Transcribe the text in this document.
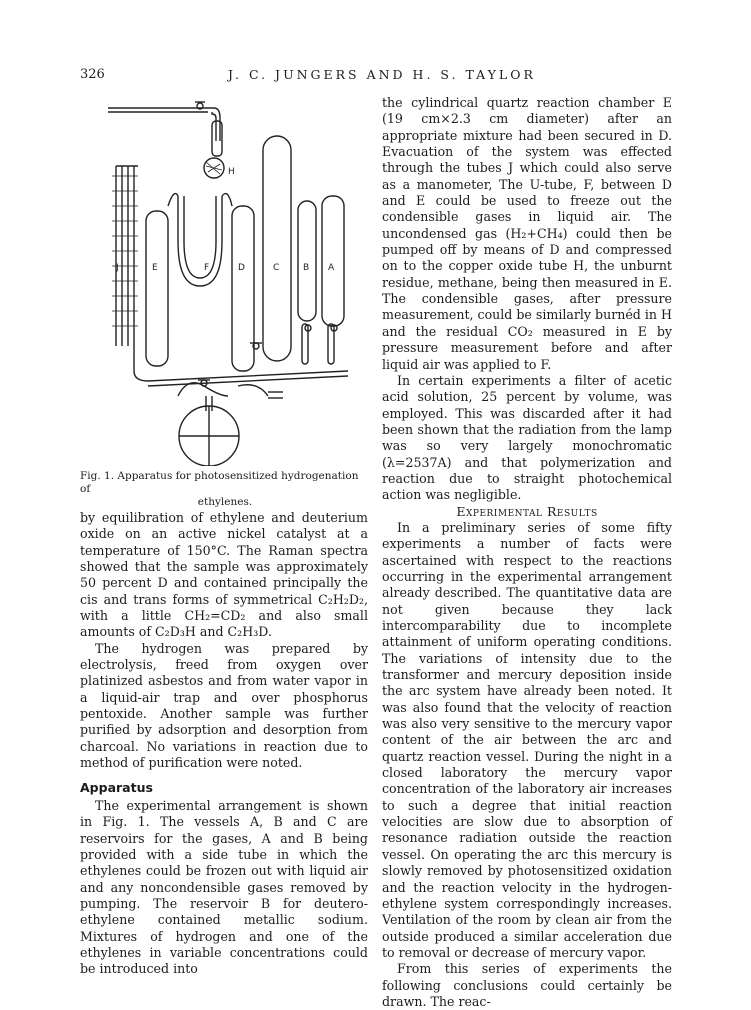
326	J. C. JUNGERS AND H. S. TAYLOR
J	E	F	D	C	B A
H
Fig. 1. Apparatus for photosensitized hydrogenation of
ethylenes.

by equilibration of ethylene and deuterium oxide on an active nickel catalyst at a temperature of 150°C. The Raman spectra showed that the sample was approximately 50 percent D and contained principally the cis and trans forms of symmetrical C₂H₂D₂, with a little CH₂=CD₂ and also small amounts of C₂D₃H and C₂H₃D.

The hydrogen was prepared by electrolysis, freed from oxygen over platinized asbestos and from water vapor in a liquid-air trap and over phosphorus pentoxide. Another sample was further purified by adsorption and desorption from charcoal. No variations in reaction due to method of purification were noted.

Apparatus

The experimental arrangement is shown in Fig. 1. The vessels A, B and C are reservoirs for the gases, A and B being provided with a side tube in which the ethylenes could be frozen out with liquid air and any noncondensible gases removed by pumping. The reservoir B for deutero-ethylene contained metallic sodium. Mixtures of hydrogen and one of the ethylenes in variable concentrations could be introduced into

the cylindrical quartz reaction chamber E (19 cm×2.3 cm diameter) after an appropriate mixture had been secured in D. Evacuation of the system was effected through the tubes J which could also serve as a manometer, The U-tube, F, between D and E could be used to freeze out the condensible gases in liquid air. The uncondensed gas (H₂+CH₄) could then be pumped off by means of D and compressed on to the copper oxide tube H, the unburnt residue, methane, being then measured in E. The condensible gases, after pressure measurement, could be similarly burnéd in H and the residual CO₂ measured in E by pressure measurement before and after liquid air was applied to F.

In certain experiments a filter of acetic acid solution, 25 percent by volume, was employed. This was discarded after it had been shown that the radiation from the lamp was so very largely monochromatic (λ=2537A) and that polymerization and reaction due to straight photochemical action was negligible.

Experimental Results

In a preliminary series of some fifty experiments a number of facts were ascertained with respect to the reactions occurring in the experimental arrangement already described. The quantitative data are not given because they lack intercomparability due to incomplete attainment of uniform operating conditions. The variations of intensity due to the transformer and mercury deposition inside the arc system have already been noted. It was also found that the velocity of reaction was also very sensitive to the mercury vapor content of the air between the arc and quartz reaction vessel. During the night in a closed laboratory the mercury vapor concentration of the laboratory air increases to such a degree that initial reaction velocities are slow due to absorption of resonance radiation outside the reaction vessel. On operating the arc this mercury is slowly removed by photosensitized oxidation and the reaction velocity in the hydrogen-ethylene system correspondingly increases. Ventilation of the room by clean air from the outside produced a similar acceleration due to removal or decrease of mercury vapor.

From this series of experiments the following conclusions could certainly be drawn. The reac-
